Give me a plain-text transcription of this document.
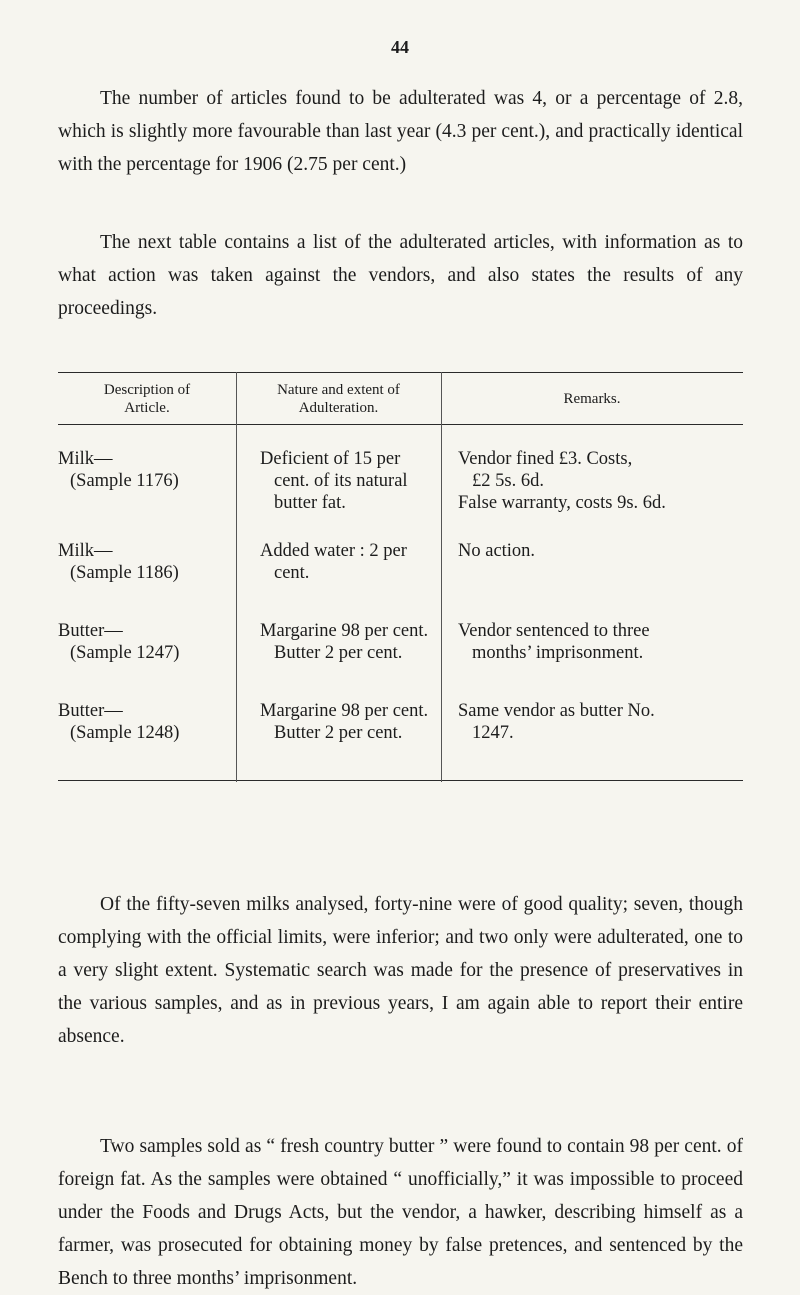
44

The number of articles found to be adulterated was 4, or a percentage of 2.8, which is slightly more favourable than last year (4.3 per cent.), and practically identical with the percentage for 1906 (2.75 per cent.)

The next table contains a list of the adulterated articles, with information as to what action was taken against the vendors, and also states the results of any proceedings.

Description of
Article.
Nature and extent of
Adulteration.
Remarks.
Milk—
(Sample 1176)
Deficient of 15 per
cent. of its natural
butter fat.
Vendor fined £3. Costs,
£2 5s. 6d.
False warranty, costs 9s. 6d.
Milk—
(Sample 1186)
Added water : 2 per
cent.
No action.
Butter—
(Sample 1247)
Margarine 98 per cent.
Butter 2 per cent.
Vendor sentenced to three
months’ imprisonment.
Butter—
(Sample 1248)
Margarine 98 per cent.
Butter 2 per cent.
Same vendor as butter No.
1247.

Of the fifty-seven milks analysed, forty-nine were of good quality; seven, though complying with the official limits, were inferior; and two only were adulterated, one to a very slight extent. Systematic search was made for the presence of preservatives in the various samples, and as in previous years, I am again able to report their entire absence.

Two samples sold as “ fresh country butter ” were found to contain 98 per cent. of foreign fat. As the samples were obtained “ unofficially,” it was impossible to proceed under the Foods and Drugs Acts, but the vendor, a hawker, describing himself as a farmer, was prosecuted for obtaining money by false pretences, and sentenced by the Bench to three months’ imprisonment.
